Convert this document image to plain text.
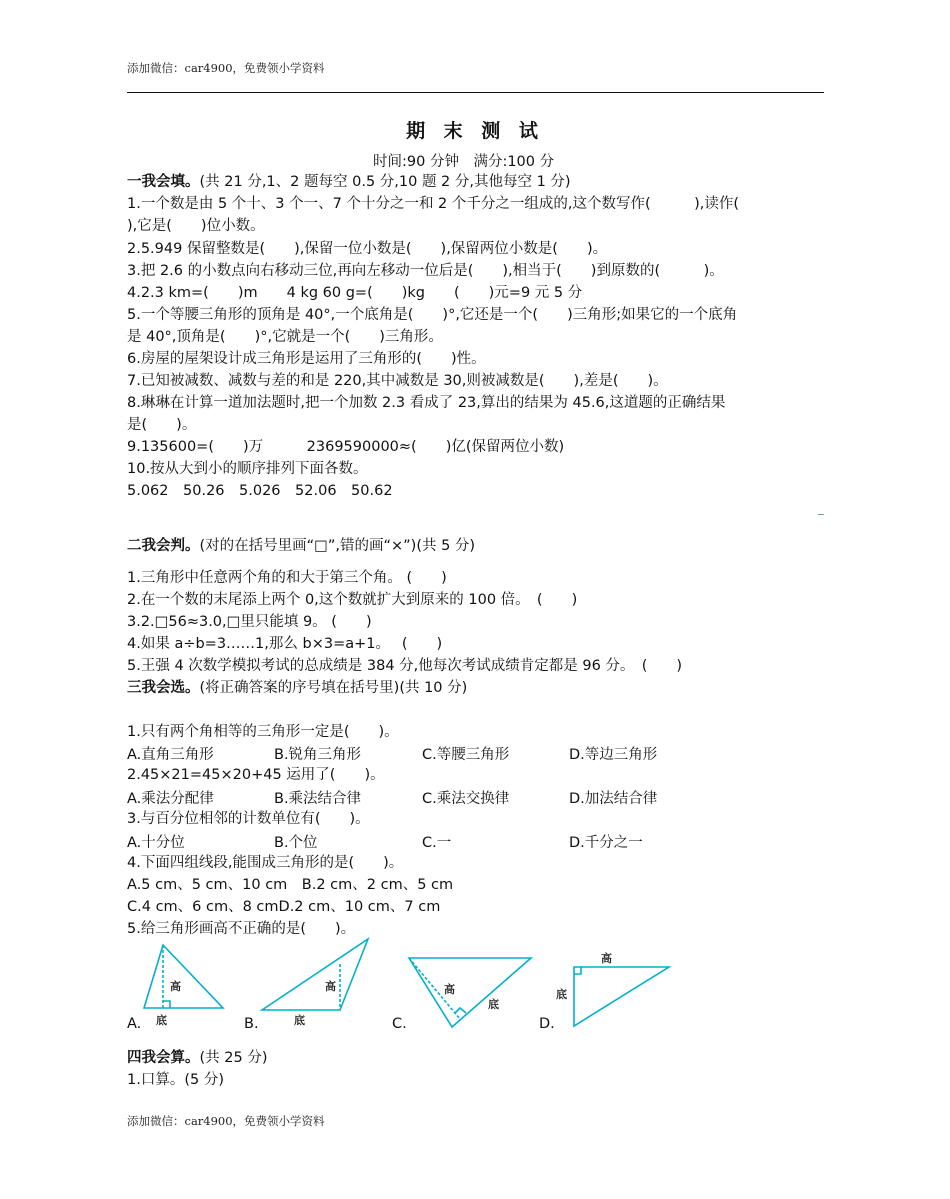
添加微信：car4900，免费领小学资料
期 末 测 试
时间:90 分钟　满分:100 分
一我会填。(共 21 分,1、2 题每空 0.5 分,10 题 2 分,其他每空 1 分)
1.一个数是由 5 个十、3 个一、7 个十分之一和 2 个千分之一组成的,这个数写作(　　　),读作(
),它是(　　)位小数。
2.5.949 保留整数是(　　),保留一位小数是(　　),保留两位小数是(　　)。
3.把 2.6 的小数点向右移动三位,再向左移动一位后是(　　),相当于(　　)到原数的(　　　)。
4.2.3 km=(　　)m　　4 kg 60 g=(　　)kg　　(　　)元=9 元 5 分
5.一个等腰三角形的顶角是 40°,一个底角是(　　)°,它还是一个(　　)三角形;如果它的一个底角
是 40°,顶角是(　　)°,它就是一个(　　)三角形。
6.房屋的屋架设计成三角形是运用了三角形的(　　)性。
7.已知被减数、减数与差的和是 220,其中减数是 30,则被减数是(　　),差是(　　)。
8.琳琳在计算一道加法题时,把一个加数 2.3 看成了 23,算出的结果为 45.6,这道题的正确结果
是(　　)。
9.135600=(　　)万　　　2369590000≈(　　)亿(保留两位小数)
10.按从大到小的顺序排列下面各数。
5.062　50.26　5.026　52.06　50.62
二我会判。(对的在括号里画“□”,错的画“×”)(共 5 分)
1.三角形中任意两个角的和大于第三个角。 (　　)
2.在一个数的末尾添上两个 0,这个数就扩大到原来的 100 倍。　(　　)
3.2.□56≈3.0,□里只能填 9。 (　　)
4.如果 a÷b=3……1,那么 b×3=a+1。　 (　　)
5.王强 4 次数学模拟考试的总成绩是 384 分,他每次考试成绩肯定都是 96 分。　(　　)
三我会选。(将正确答案的序号填在括号里)(共 10 分)
1.只有两个角相等的三角形一定是(　　)。
A.直角三角形	B.锐角三角形	C.等腰三角形	D.等边三角形
2.45×21=45×20+45 运用了(　　)。
A.乘法分配律	B.乘法结合律	C.乘法交换律	D.加法结合律
3.与百分位相邻的计数单位有(　　)。
A.十分位	B.个位	C.一	D.千分之一
4.下面四组线段,能围成三角形的是(　　)。
A.5 cm、5 cm、10 cm　B.2 cm、2 cm、5 cm
C.4 cm、6 cm、8 cmD.2 cm、10 cm、7 cm
5.给三角形画高不正确的是(　　)。
高
底
高
底
高
底
高
底
A.	B.	C.	D.
四我会算。(共 25 分)
1.口算。(5 分)
添加微信：car4900，免费领小学资料
